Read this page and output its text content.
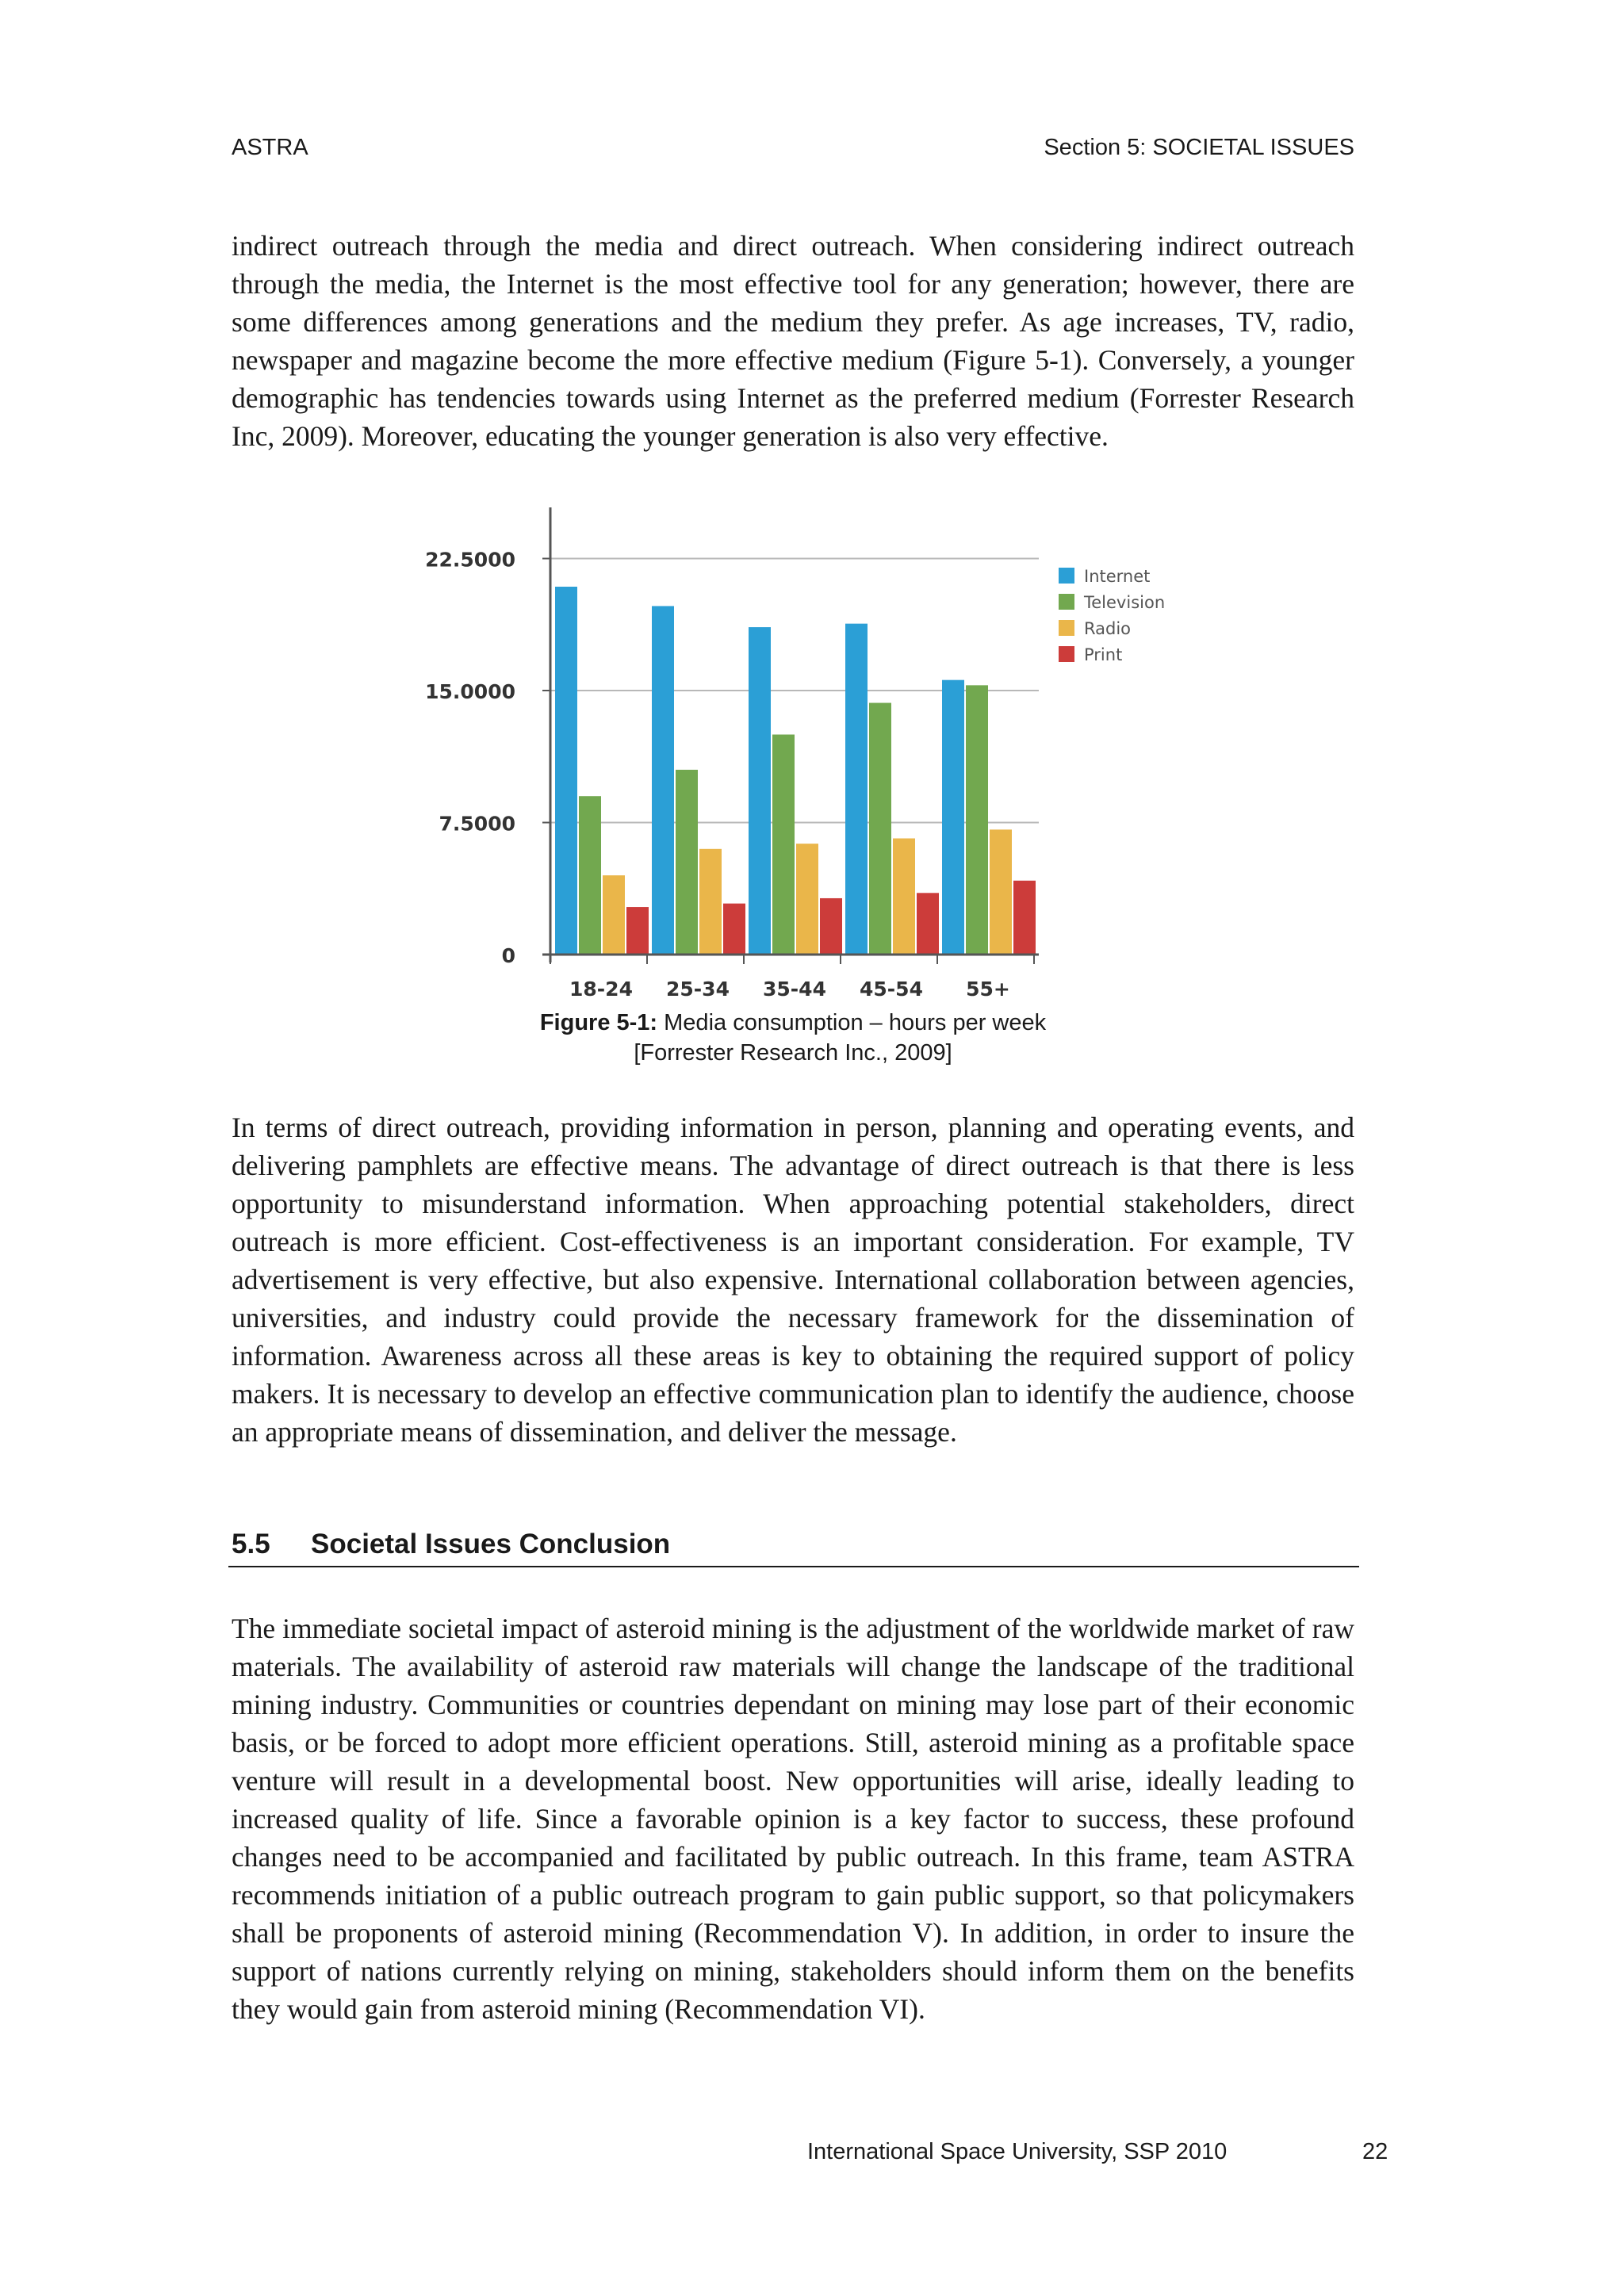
ASTRA	Section 5: SOCIETAL ISSUES

indirect outreach through the media and direct outreach. When considering indirect outreach through the media, the Internet is the most effective tool for any generation; however, there are some differences among generations and the medium they prefer. As age increases, TV, radio, newspaper and magazine become the more effective medium (Figure 5-1). Conversely, a younger demographic has tendencies towards using Internet as the preferred medium (Forrester Research Inc, 2009). Moreover, educating the younger generation is also very effective.

0
7.5000
15.0000
22.5000
18-24 25-34 35-44 45-54 55+
Internet
Television
Radio
Print
Figure 5-1: Media consumption – hours per week
[Forrester Research Inc., 2009]

In terms of direct outreach, providing information in person, planning and operating events, and delivering pamphlets are effective means. The advantage of direct outreach is that there is less opportunity to misunderstand information. When approaching potential stakeholders, direct outreach is more efficient. Cost-effectiveness is an important consideration. For example, TV advertisement is very effective, but also expensive. International collaboration between agencies, universities, and industry could provide the necessary framework for the dissemination of information. Awareness across all these areas is key to obtaining the required support of policy makers. It is necessary to develop an effective communication plan to identify the audience, choose an appropriate means of dissemination, and deliver the message.

5.5 Societal Issues Conclusion

The immediate societal impact of asteroid mining is the adjustment of the worldwide market of raw materials. The availability of asteroid raw materials will change the landscape of the traditional mining industry. Communities or countries dependant on mining may lose part of their economic basis, or be forced to adopt more efficient operations. Still, asteroid mining as a profitable space venture will result in a developmental boost. New opportunities will arise, ideally leading to increased quality of life. Since a favorable opinion is a key factor to success, these profound changes need to be accompanied and facilitated by public outreach. In this frame, team ASTRA recommends initiation of a public outreach program to gain public support, so that policymakers shall be proponents of asteroid mining (Recommendation V). In addition, in order to insure the support of nations currently relying on mining, stakeholders should inform them on the benefits they would gain from asteroid mining (Recommendation VI).

International Space University, SSP 2010	22
